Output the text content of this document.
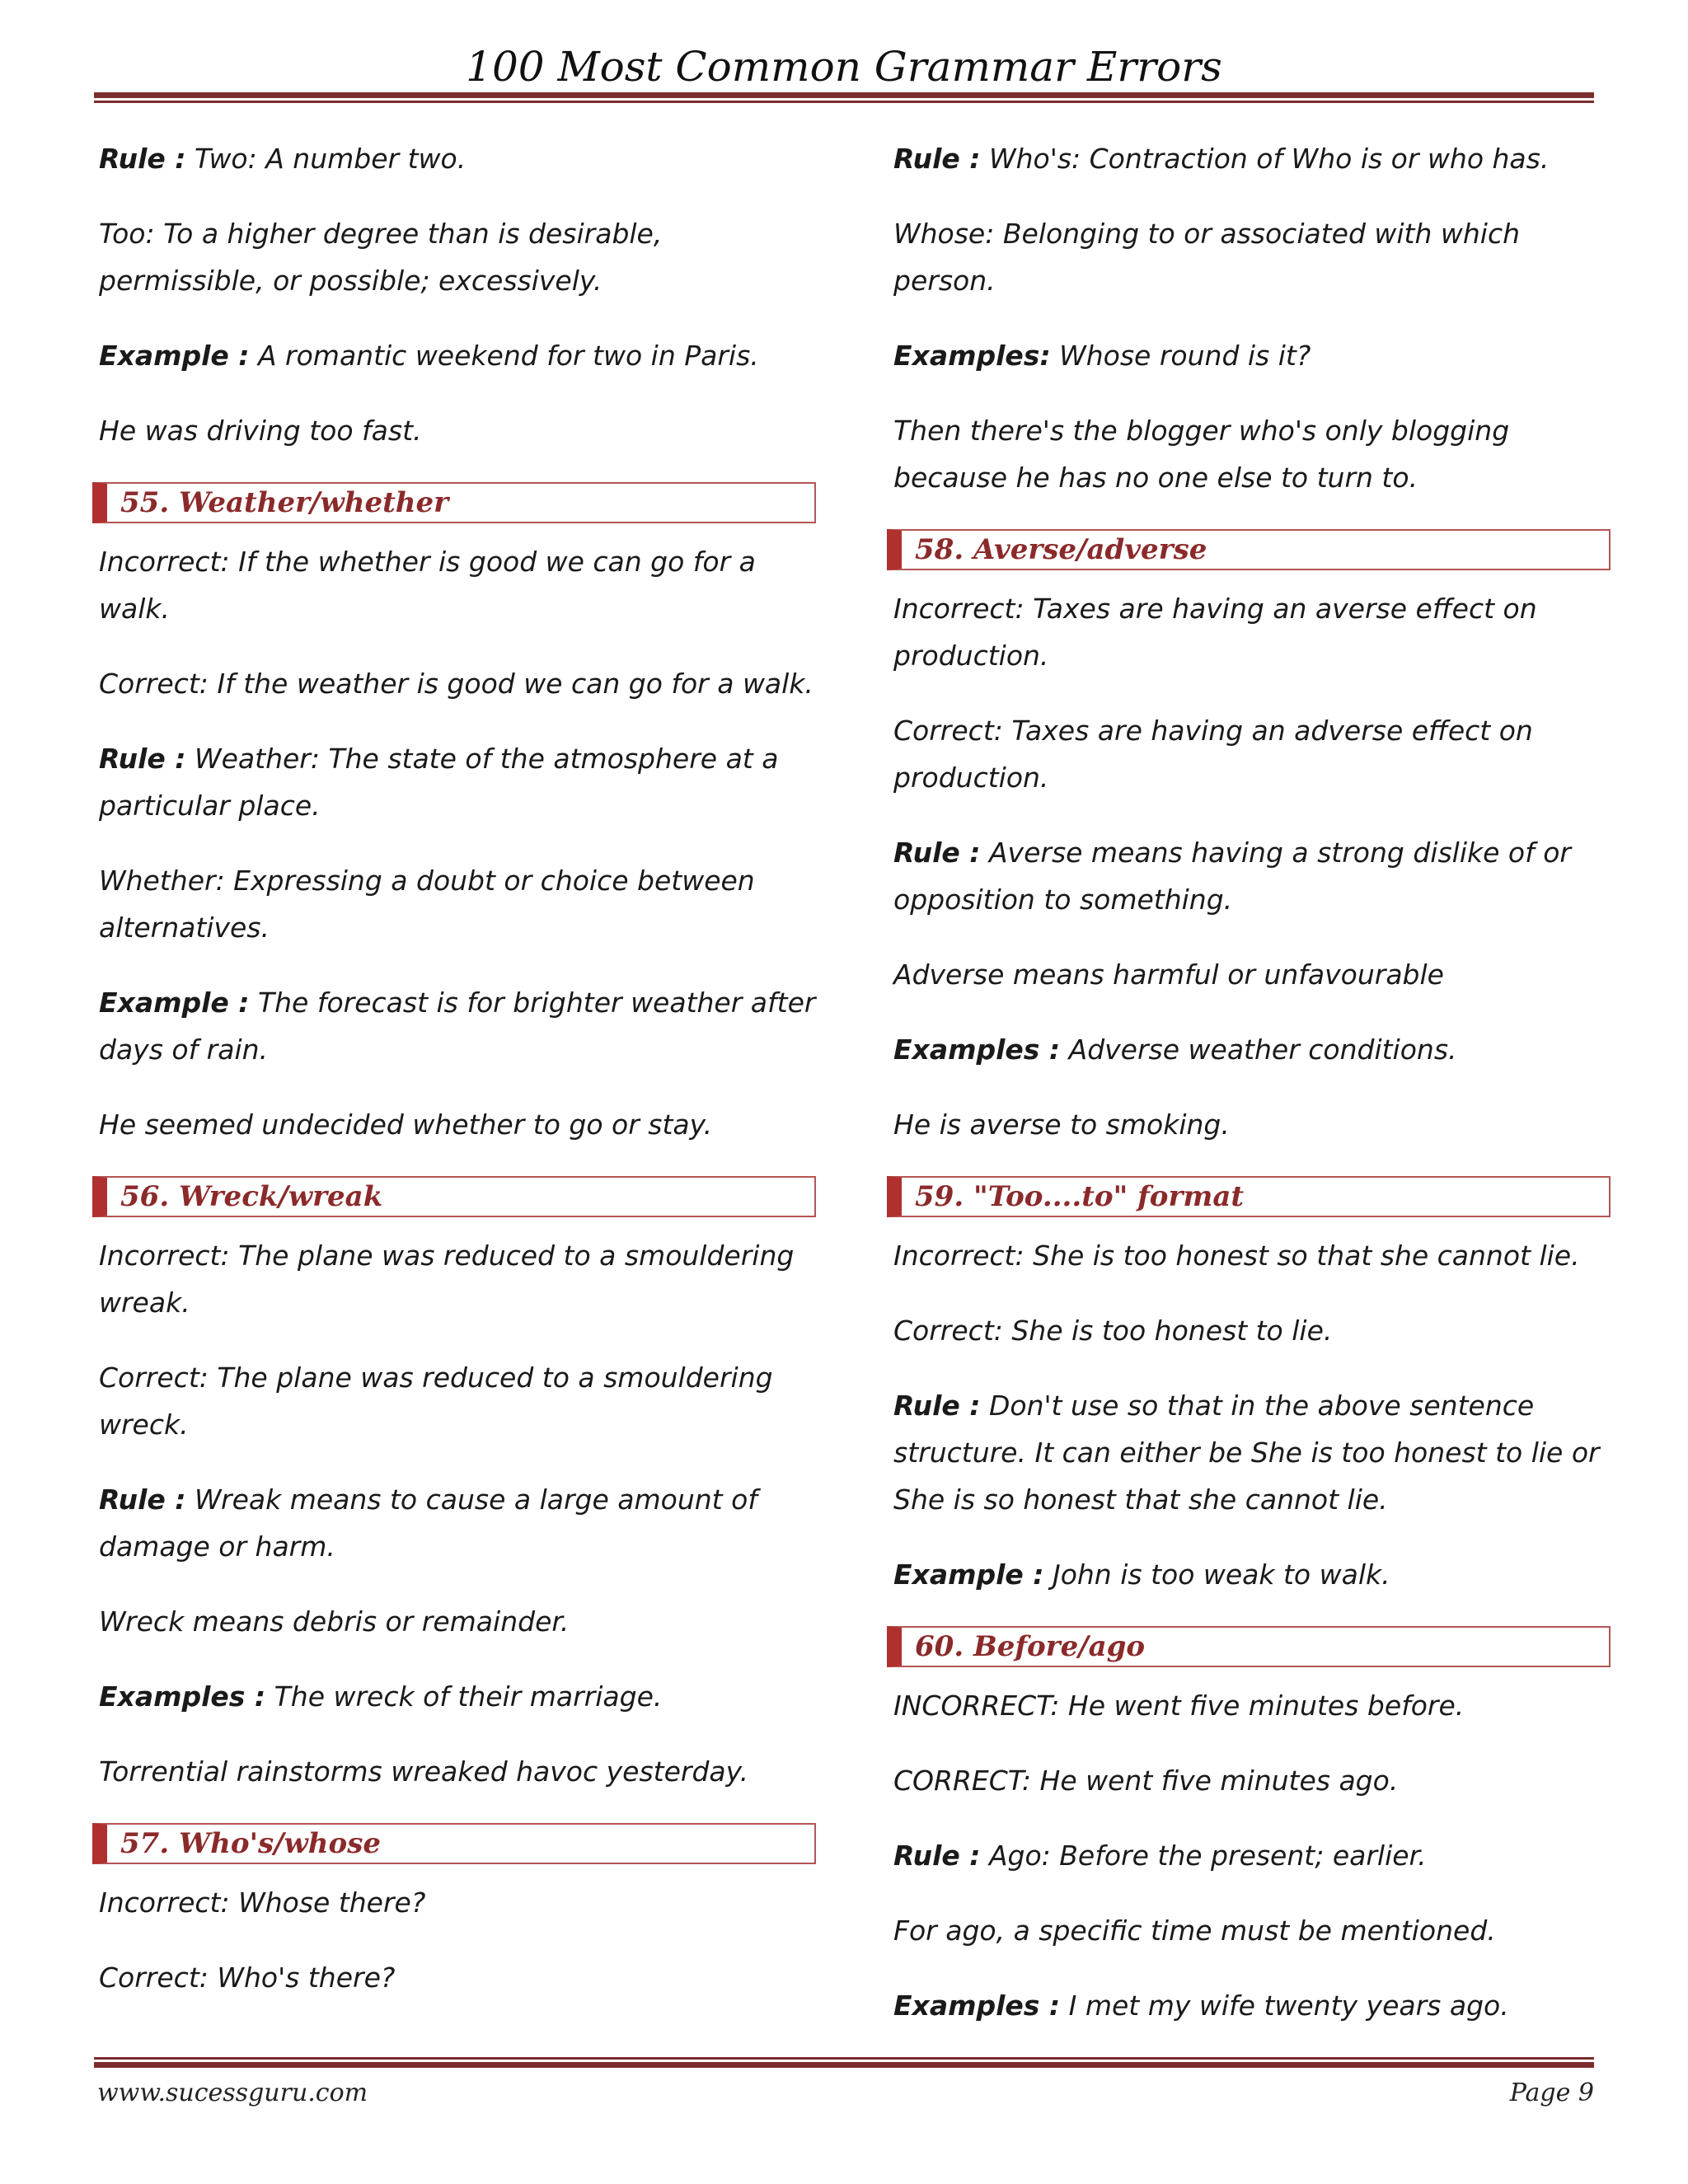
100 Most Common Grammar Errors

Rule : Two: A number two.

Too: To a higher degree than is desirable, permissible, or possible; excessively.

Example : A romantic weekend for two in Paris.

He was driving too fast.

55. Weather/whether

Incorrect: If the whether is good we can go for a walk.

Correct: If the weather is good we can go for a walk.

Rule : Weather: The state of the atmosphere at a particular place.

Whether: Expressing a doubt or choice between alternatives.

Example : The forecast is for brighter weather after days of rain.

He seemed undecided whether to go or stay.

56. Wreck/wreak

Incorrect: The plane was reduced to a smouldering wreak.

Correct: The plane was reduced to a smouldering wreck.

Rule : Wreak means to cause a large amount of damage or harm.

Wreck means debris or remainder.

Examples : The wreck of their marriage.

Torrential rainstorms wreaked havoc yesterday.

57. Who's/whose

Incorrect: Whose there?

Correct: Who's there?

Rule : Who's: Contraction of Who is or who has.

Whose: Belonging to or associated with which person.

Examples: Whose round is it?

Then there's the blogger who's only blogging because he has no one else to turn to.

58. Averse/adverse

Incorrect: Taxes are having an averse effect on production.

Correct: Taxes are having an adverse effect on production.

Rule : Averse means having a strong dislike of or opposition to something.

Adverse means harmful or unfavourable

Examples : Adverse weather conditions.

He is averse to smoking.

59. "Too....to" format

Incorrect: She is too honest so that she cannot lie.

Correct: She is too honest to lie.

Rule : Don't use so that in the above sentence structure. It can either be She is too honest to lie or She is so honest that she cannot lie.

Example : John is too weak to walk.

60. Before/ago

INCORRECT: He went five minutes before.

CORRECT: He went five minutes ago.

Rule : Ago: Before the present; earlier.

For ago, a specific time must be mentioned.

Examples : I met my wife twenty years ago.

www.sucessguru.com	Page 9
